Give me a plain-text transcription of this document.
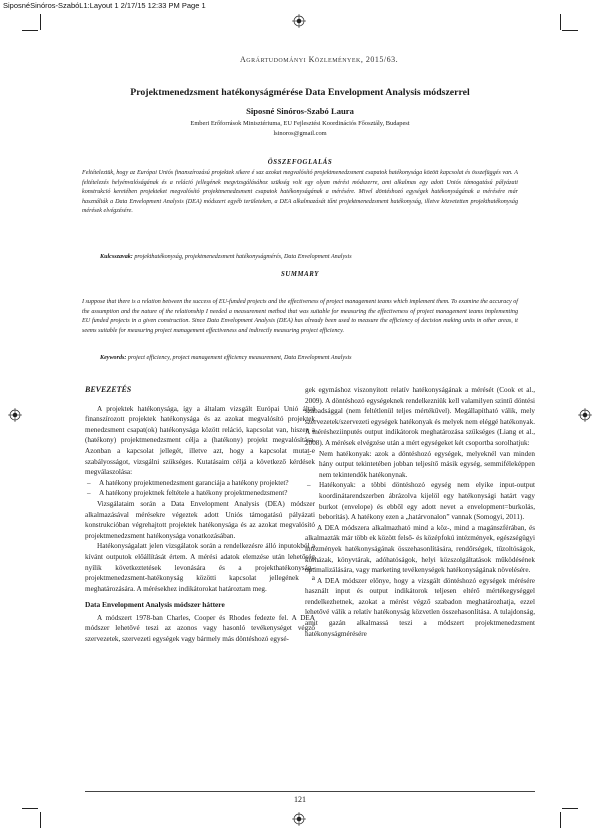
SiposnéSinóros-SzabóL1:Layout 1 2/17/15 12:33 PM Page 1
Agrártudományi Közlemények, 2015/63.
Projektmenedzsment hatékonyságmérése Data Envelopment Analysis módszerrel
Siposné Sinóros-Szabó Laura
Emberi Erőforrások Minisztériuma, EU Fejlesztési Koordinációs Főosztály, Budapest
lsinoros@gmail.com
ÖSSZEFOGLALÁS
Feltételeztük, hogy az Európai Uniós finanszírozású projektek sikere é saz azokat megvalósító projektmenedzsment csapatok hatékonysága között kapcsolat és összefüggés van. A feltételezés helyénvalóságának és a reláció jellegének megvizsgálásához szükség volt egy olyan mérési módszerre, ami alkalmas egy adott Uniós támogatású pályázati konstrukció keretében projekteket megvalósító projektmenedzsment csapatok hatékonyságának a mérésére. Mivel döntéshozó egységek hatékonyságának a mérésére már használták a Data Envelopment Analysis (DEA) módszert egyéb területeken, a DEA alkalmazását tűnt projektmenedzsment hatékonyság, illetve közvetetten projekthatékonyság mérések elvégzésére.
Kulcsszavak: projekthatékonyság, projektmenedzsment hatékonyságmérés, Data Envelopment Analysis
SUMMARY
I suppose that there is a relation between the success of EU-funded projects and the effectiveness of project management teams which implement them. To examine the accuracy of the assumption and the nature of the relationship I needed a measurement method that was suitable for measuring the effectiveness of project management teams implementing EU funded projects in a given construction. Since Data Envelopment Analysis (DEA) has already been used to measure the efficiency of decision making units in other areas, it seems suitable for measuring project management effectiveness and indirectly measuring project efficiency.
Keywords: project efficiency, project management efficiency measurement, Data Envelopment Analysis
BEVEZETÉS

A projektek hatékonysága, így a általam vizsgált Európai Unió által finanszírozott projektek hatékonysága és az azokat megvalósító projektek menedzsment csapat(ok) hatékonysága között reláció, kapcsolat van, hiszen a (hatékony) projektmenedzsment célja a (hatékony) projekt megvalósítása. Azonban a kapcsolat jellegét, illetve azt, hogy a kapcsolat mutat-e szabályosságot, vizsgálni szükséges. Kutatásaim céljá a következő kérdések megválaszolása:

– A hatékony projektmenedzsment garanciája a hatékony projektet?
– A hatékony projektnek feltétele a hatékony projektmenedzsment?

Vizsgálataim során a Data Envelopment Analysis (DEA) módszer alkalmazásával mérésekre végeztek adott Uniós támogatású pályázati konstrukcióban végrehajtott projektek hatékonysága és az azokat megvalósító projektmenedzsment hatékonysága vonatkozásában.

Hatékonyságalatt jelen vizsgálatok során a rendelkezésre álló inputokból a kívánt outputok előállítását értem. A mérési adatok elemzése után lehetőség nyílik következtetések levonására és a projekthatékonyság–projektmenedzsment-hatékonyság közötti kapcsolat jellegének a meghatározására. A mérésekhez indikátorokat határoztam meg.

Data Envelopment Analysis módszer háttere

A módszert 1978-ban Charles, Cooper és Rhodes fedezte fel. A DEA módszer lehetővé teszi az azonos vagy hasonló tevékenységet végző szervezetek, szervezeti egységek vagy bármely más döntéshozó egysé-

gek egymáshoz viszonyított relatív hatékonyságának a mérését (Cook et al., 2009). A döntéshozó egységeknek rendelkezniük kell valamilyen szintű döntési szabadsággal (nem feltétlenül teljes mértékűvel). Megállapítható válik, mely szervezetek/szervezeti egységek hatékonyak és melyek nem eléggé hatékonyak. A mérésheziinputés output indikátorok meghatározása szükséges (Liang et al., 2008). A mérések elvégzése után a mért egységeket két csoportba sorolhatjuk:

– Nem hatékonyak: azok a döntéshozó egységek, melyeknél van minden hány output tekintetében jobban teljesítő másik egység, semmiféleképpen nem tekintendők hatékonynak.
– Hatékonyak: a többi döntéshozó egység nem elyike input-output koordinátarendszerben ábrázolva kijelöl egy hatékonysági határt vagy burkot (envelope) és ebből egy adott nevet a envelopment=burkolás, beborítás). A hatékony ezen a „határvonalon” vannak (Somogyi, 2011).

A DEA módszera alkalmazható mind a köz-, mind a magánszférában, és alkalmazták már több ek között felső- és középfokú intézmények, egészségügyi intézmények hatékonyságának összehasonlítására, rendőrségek, tűzoltóságok, kórházak, könyvtárak, adóhatóságok, helyi közszolgáltatások működésének optimalizálására, vagy marketing tevékenységek hatékonyságának növelésére.

A DEA módszer előnye, hogy a vizsgált döntéshozó egységek mérésére használt input és output indikátorok teljesen eltérő mértékegységgel rendelkezhetnek, azokat a mérést végző szabadon meghatározhatja, ezzel lehetővé válik a relatív hatékonyság közvetlen összehasonlítása. A tulajdonság, amit gazán alkalmassá teszi a módszert projektmenedzsment hatékonyságmérésére

121
